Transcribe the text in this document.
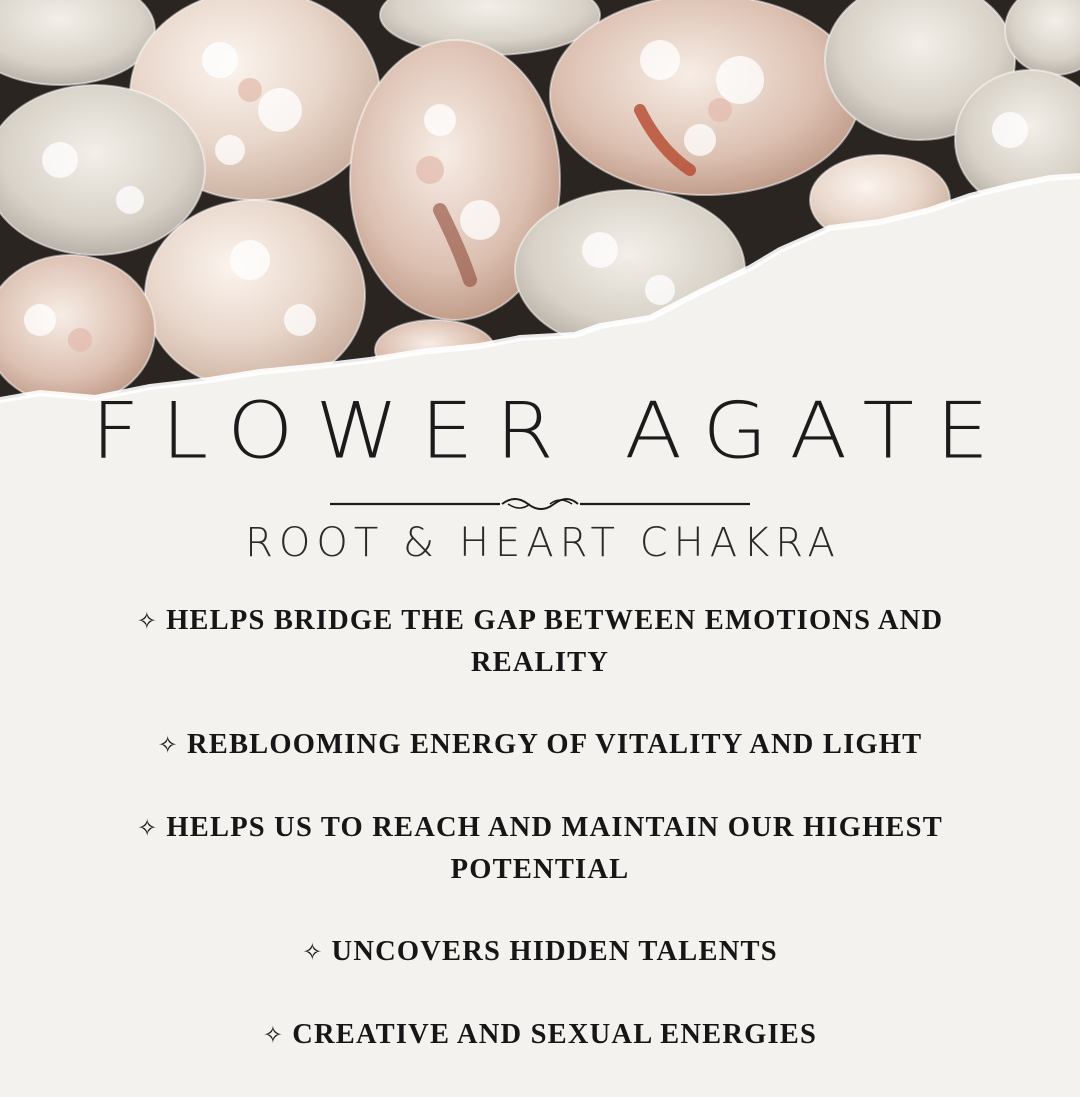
FLOWER AGATE
ROOT & HEART CHAKRA
✧ HELPS BRIDGE THE GAP BETWEEN EMOTIONS AND REALITY
✧ REBLOOMING ENERGY OF VITALITY AND LIGHT
✧ HELPS US TO REACH AND MAINTAIN OUR HIGHEST POTENTIAL
✧ UNCOVERS HIDDEN TALENTS
✧ CREATIVE AND SEXUAL ENERGIES
